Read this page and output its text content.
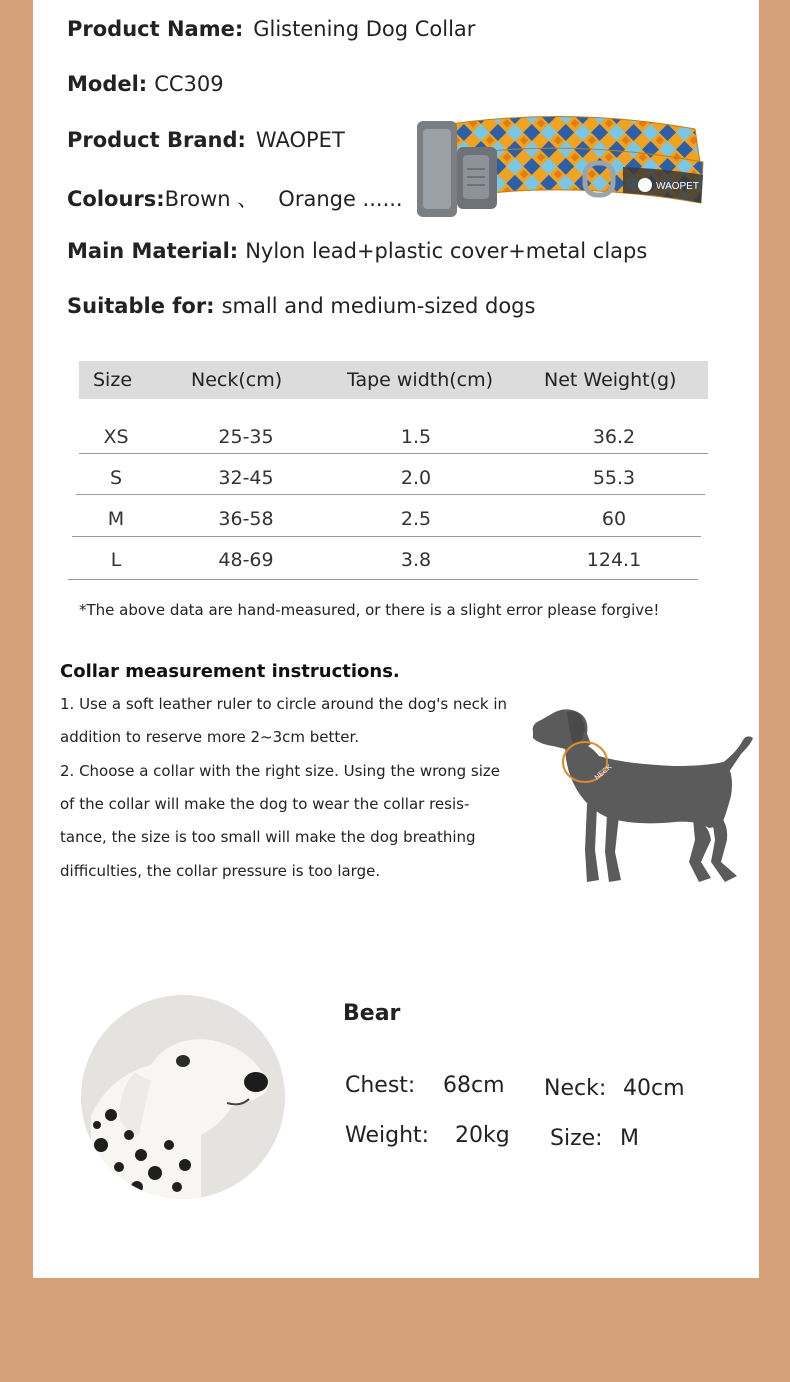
Product Name: Glistening Dog Collar
Model: CC309
Product Brand: WAOPET
Colours:Brown 、   Orange ......
Main Material: Nylon lead+plastic cover+metal claps
Suitable for: small and medium-sized dogs
WAOPET
Size	Neck(cm)	Tape width(cm)	Net Weight(g)
XS	25-35	1.5	36.2
S	32-45	2.0	55.3
M	36-58	2.5	60
L	48-69	3.8	124.1
*The above data are hand-measured, or there is a slight error please forgive!
Collar measurement instructions.
1. Use a soft leather ruler to circle around the dog's neck in
addition to reserve more 2~3cm better.
2. Choose a collar with the right size. Using the wrong size
of the collar will make the dog to wear the collar resis-
tance, the size is too small will make the dog breathing
difficulties, the collar pressure is too large.
NECK
Bear
Chest: 68cm Neck: 40cm
Weight: 20kg Size: M
